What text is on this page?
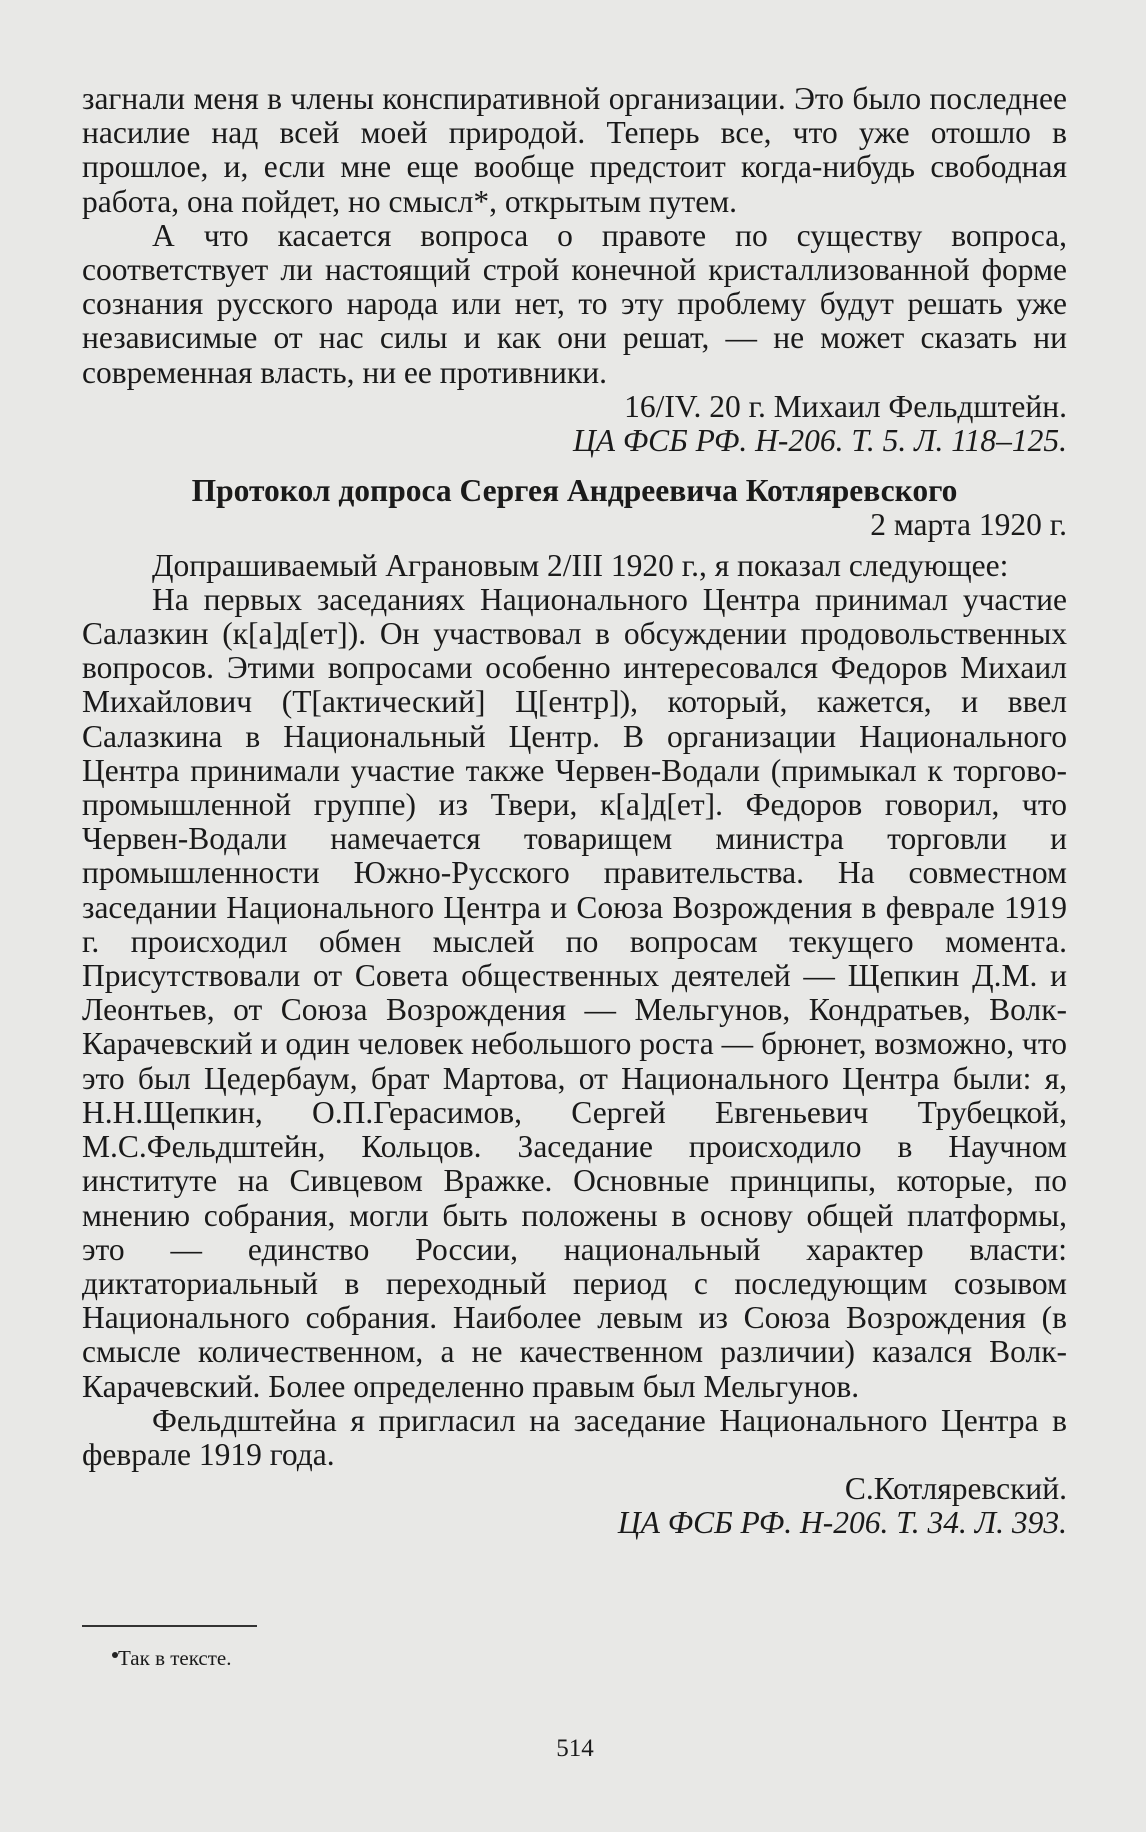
загнали меня в члены конспиративной организации. Это было последнее насилие над всей моей природой. Теперь все, что уже отошло в прошлое, и, если мне еще вообще предстоит когда-нибудь свободная работа, она пойдет, но смысл*, открытым путем.

А что касается вопроса о правоте по существу вопроса, соответствует ли настоящий строй конечной кристаллизованной форме сознания русского народа или нет, то эту проблему будут решать уже независимые от нас силы и как они решат, — не может сказать ни современная власть, ни ее противники.

16/IV. 20 г. Михаил Фельдштейн.

ЦА ФСБ РФ. Н-206. Т. 5. Л. 118–125.

Протокол допроса Сергея Андреевича Котляревского

2 марта 1920 г.

Допрашиваемый Аграновым 2/III 1920 г., я показал следующее:

На первых заседаниях Национального Центра принимал участие Салазкин (к[а]д[ет]). Он участвовал в обсуждении продовольственных вопросов. Этими вопросами особенно интересовался Федоров Михаил Михайлович (Т[актический] Ц[ентр]), который, кажется, и ввел Салазкина в Национальный Центр. В организации Национального Центра принимали участие также Червен-Водали (примыкал к торгово-промышленной группе) из Твери, к[а]д[ет]. Федоров говорил, что Червен-Водали намечается товарищем министра торговли и промышленности Южно-Русского правительства. На совместном заседании Национального Центра и Союза Возрождения в феврале 1919 г. происходил обмен мыслей по вопросам текущего момента. Присутствовали от Совета общественных деятелей — Щепкин Д.М. и Леонтьев, от Союза Возрождения — Мельгунов, Кондратьев, Волк-Карачевский и один человек небольшого роста — брюнет, возможно, что это был Цедербаум, брат Мартова, от Национального Центра были: я, Н.Н.Щепкин, О.П.Герасимов, Сергей Евгеньевич Трубецкой, М.С.Фельдштейн, Кольцов. Заседание происходило в Научном институте на Сивцевом Вражке. Основные принципы, которые, по мнению собрания, могли быть положены в основу общей платформы, это — единство России, национальный характер власти: диктаториальный в переходный период с последующим созывом Национального собрания. Наиболее левым из Союза Возрождения (в смысле количественном, а не качественном различии) казался Волк-Карачевский. Более определенно правым был Мельгунов.

Фельдштейна я пригласил на заседание Национального Центра в феврале 1919 года.

С.Котляревский.

ЦА ФСБ РФ. Н-206. Т. 34. Л. 393.

Так в тексте.
514
